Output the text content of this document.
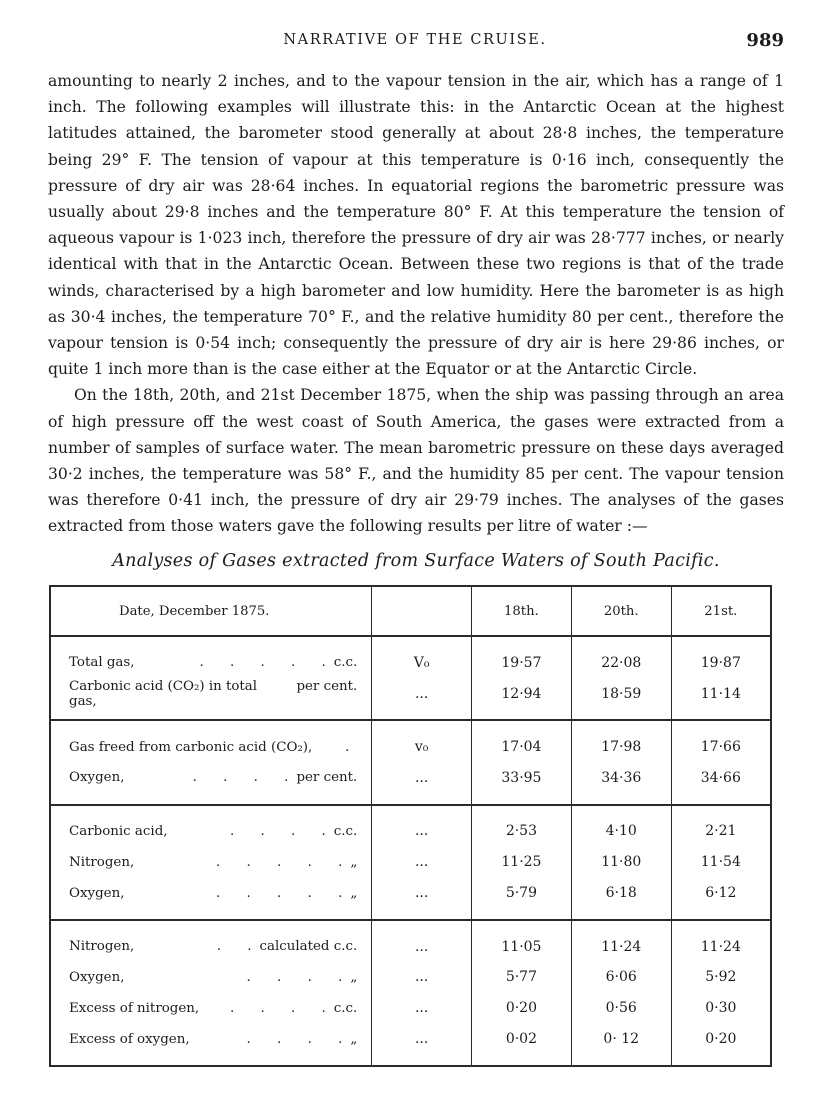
NARRATIVE OF THE CRUISE.	989

amounting to nearly 2 inches, and to the vapour tension in the air, which has a range of 1 inch. The following examples will illustrate this: in the Antarctic Ocean at the highest latitudes attained, the barometer stood generally at about 28·8 inches, the temperature being 29° F. The tension of vapour at this temperature is 0·16 inch, consequently the pressure of dry air was 28·64 inches. In equatorial regions the barometric pressure was usually about 29·8 inches and the temperature 80° F. At this temperature the tension of aqueous vapour is 1·023 inch, therefore the pressure of dry air was 28·777 inches, or nearly identical with that in the Antarctic Ocean. Between these two regions is that of the trade winds, characterised by a high barometer and low humidity. Here the barometer is as high as 30·4 inches, the temperature 70° F., and the relative humidity 80 per cent., therefore the vapour tension is 0·54 inch; consequently the pressure of dry air is here 29·86 inches, or quite 1 inch more than is the case either at the Equator or at the Antarctic Circle.

On the 18th, 20th, and 21st December 1875, when the ship was passing through an area of high pressure off the west coast of South America, the gases were extracted from a number of samples of surface water. The mean barometric pressure on these days averaged 30·2 inches, the temperature was 58° F., and the humidity 85 per cent. The vapour tension was therefore 0·41 inch, the pressure of dry air 29·79 inches. The analyses of the gases extracted from those waters gave the following results per litre of water :—

Analyses of Gases extracted from Surface Waters of South Pacific.
Date, December 1875.		18th.	20th.	21st.

Total gas, . . . . . c.c.	V₀	19·57	22·08	19·87

Carbonic acid (CO₂) in total gas,
per cent.	...	12·94	18·59	11·14

Gas freed from carbonic acid (CO₂), .	v₀	17·04	17·98	17·66

Oxygen, . . . . per cent.	...	33·95	34·36	34·66

Carbonic acid, . . . . c.c.	...	2·53	4·10	2·21

Nitrogen, . . . . . „	...	11·25	11·80	11·54

Oxygen, . . . . . „	...	5·79	6·18	6·12

Nitrogen, . . calculated c.c.	...	11·05	11·24	11·24

Oxygen, . . . . „	...	5·77	6·06	5·92

Excess of nitrogen, . . . . c.c.	...	0·20	0·56	0·30

Excess of oxygen, . . . . „	...	0·02	0· 12	0·20
